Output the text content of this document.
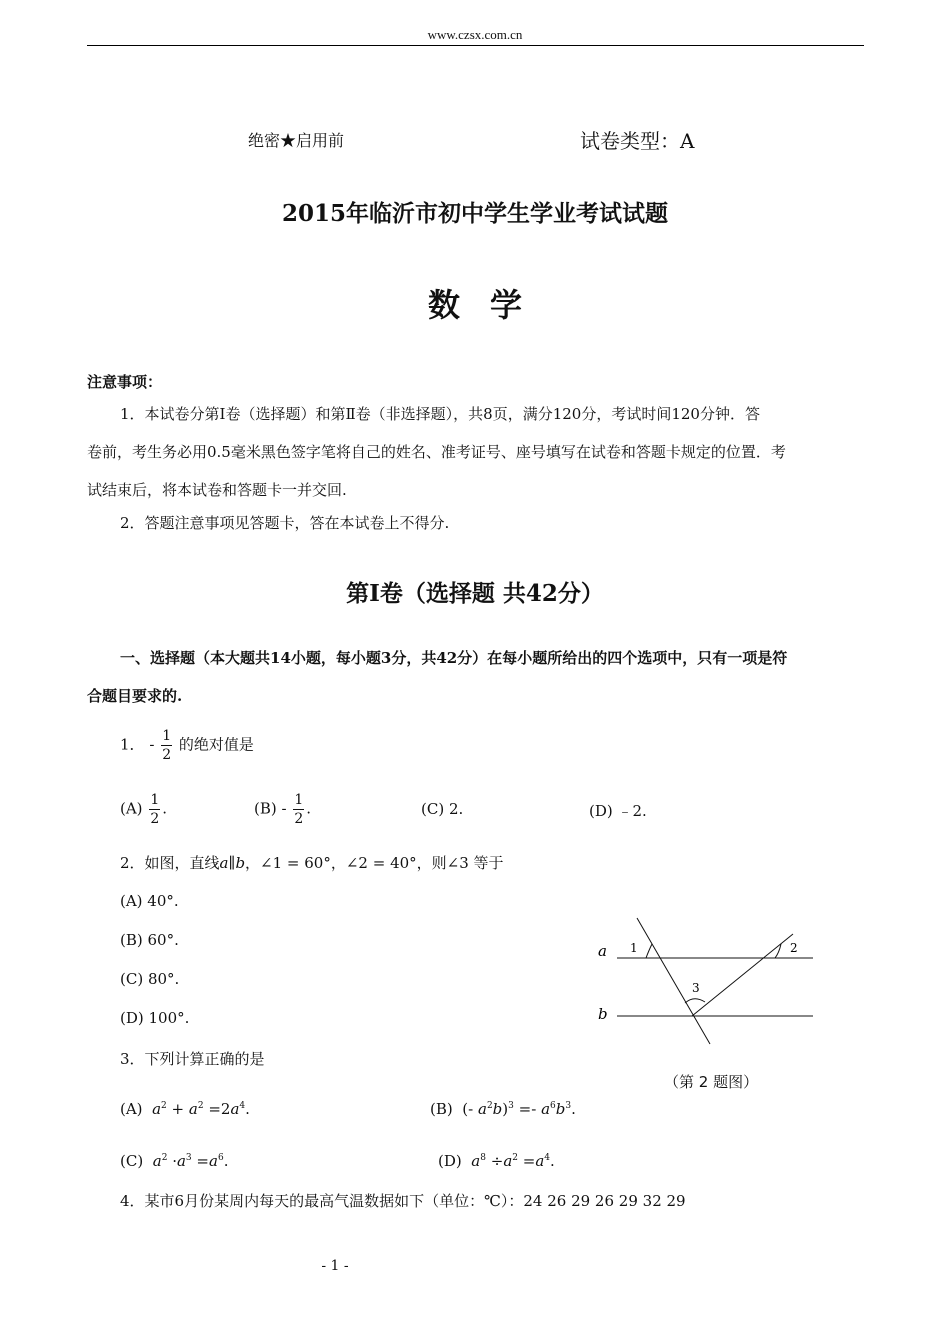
www.czsx.com.cn
绝密★启用前	试卷类型：A
2015年临沂市初中学生学业考试试题
数学
注意事项：
1．本试卷分第Ⅰ卷（选择题）和第Ⅱ卷（非选择题），共8页，满分120分，考试时间120分钟．答
卷前，考生务必用0.5毫米黑色签字笔将自己的姓名、准考证号、座号填写在试卷和答题卡规定的位置．考
试结束后，将本试卷和答题卡一并交回.
2．答题注意事项见答题卡，答在本试卷上不得分.
第Ⅰ卷（选择题 共42分）
一、选择题（本大题共14小题，每小题3分，共42分）在每小题所给出的四个选项中，只有一项是符
合题目要求的.
1． - $\frac{1}{2}$ 的绝对值是
$(A) \frac{1}{2}$ .	$(B) - \frac{1}{2}$ .	(C) 2.	(D) ﹣2.
2．如图，直线a∥b，∠1 = 60°，∠2 = 40°，则∠3 等于
(A) 40°.
(B) 60°.
(C) 80°.
(D) 100°.
a
b
1	2
3
（第 2 题图）
3．下列计算正确的是
(A) $a^2 + a^2 =2a^4$.	(B) (- $a^2b)^3 =- a^6b^3$.
(C) $a^2 \cdot a^3 =a^6$.	(D) $a^8 \div a^2 =a^4$.
4．某市6月份某周内每天的最高气温数据如下（单位：℃）：24 26 29 26 29 32 29
- 1 -
